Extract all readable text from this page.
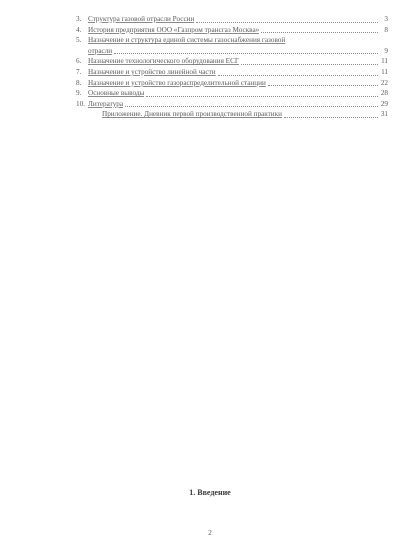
3. Структура газовой отрасли России	3
4. История предприятия ООО «Газпром трансгаз Москва»	8
5. Назначение и структура единой системы газоснабжения газовой
отрасли	9
6. Назначение технологического оборудования ЕСГ	11
7. Назначение и устройство линейной части	11
8. Назначение и устройство газораспределительной станции	22
9. Основные выводы	28
10. Литература	29
Приложение. Дневник первой производственной практики	31
1. Введение
2
